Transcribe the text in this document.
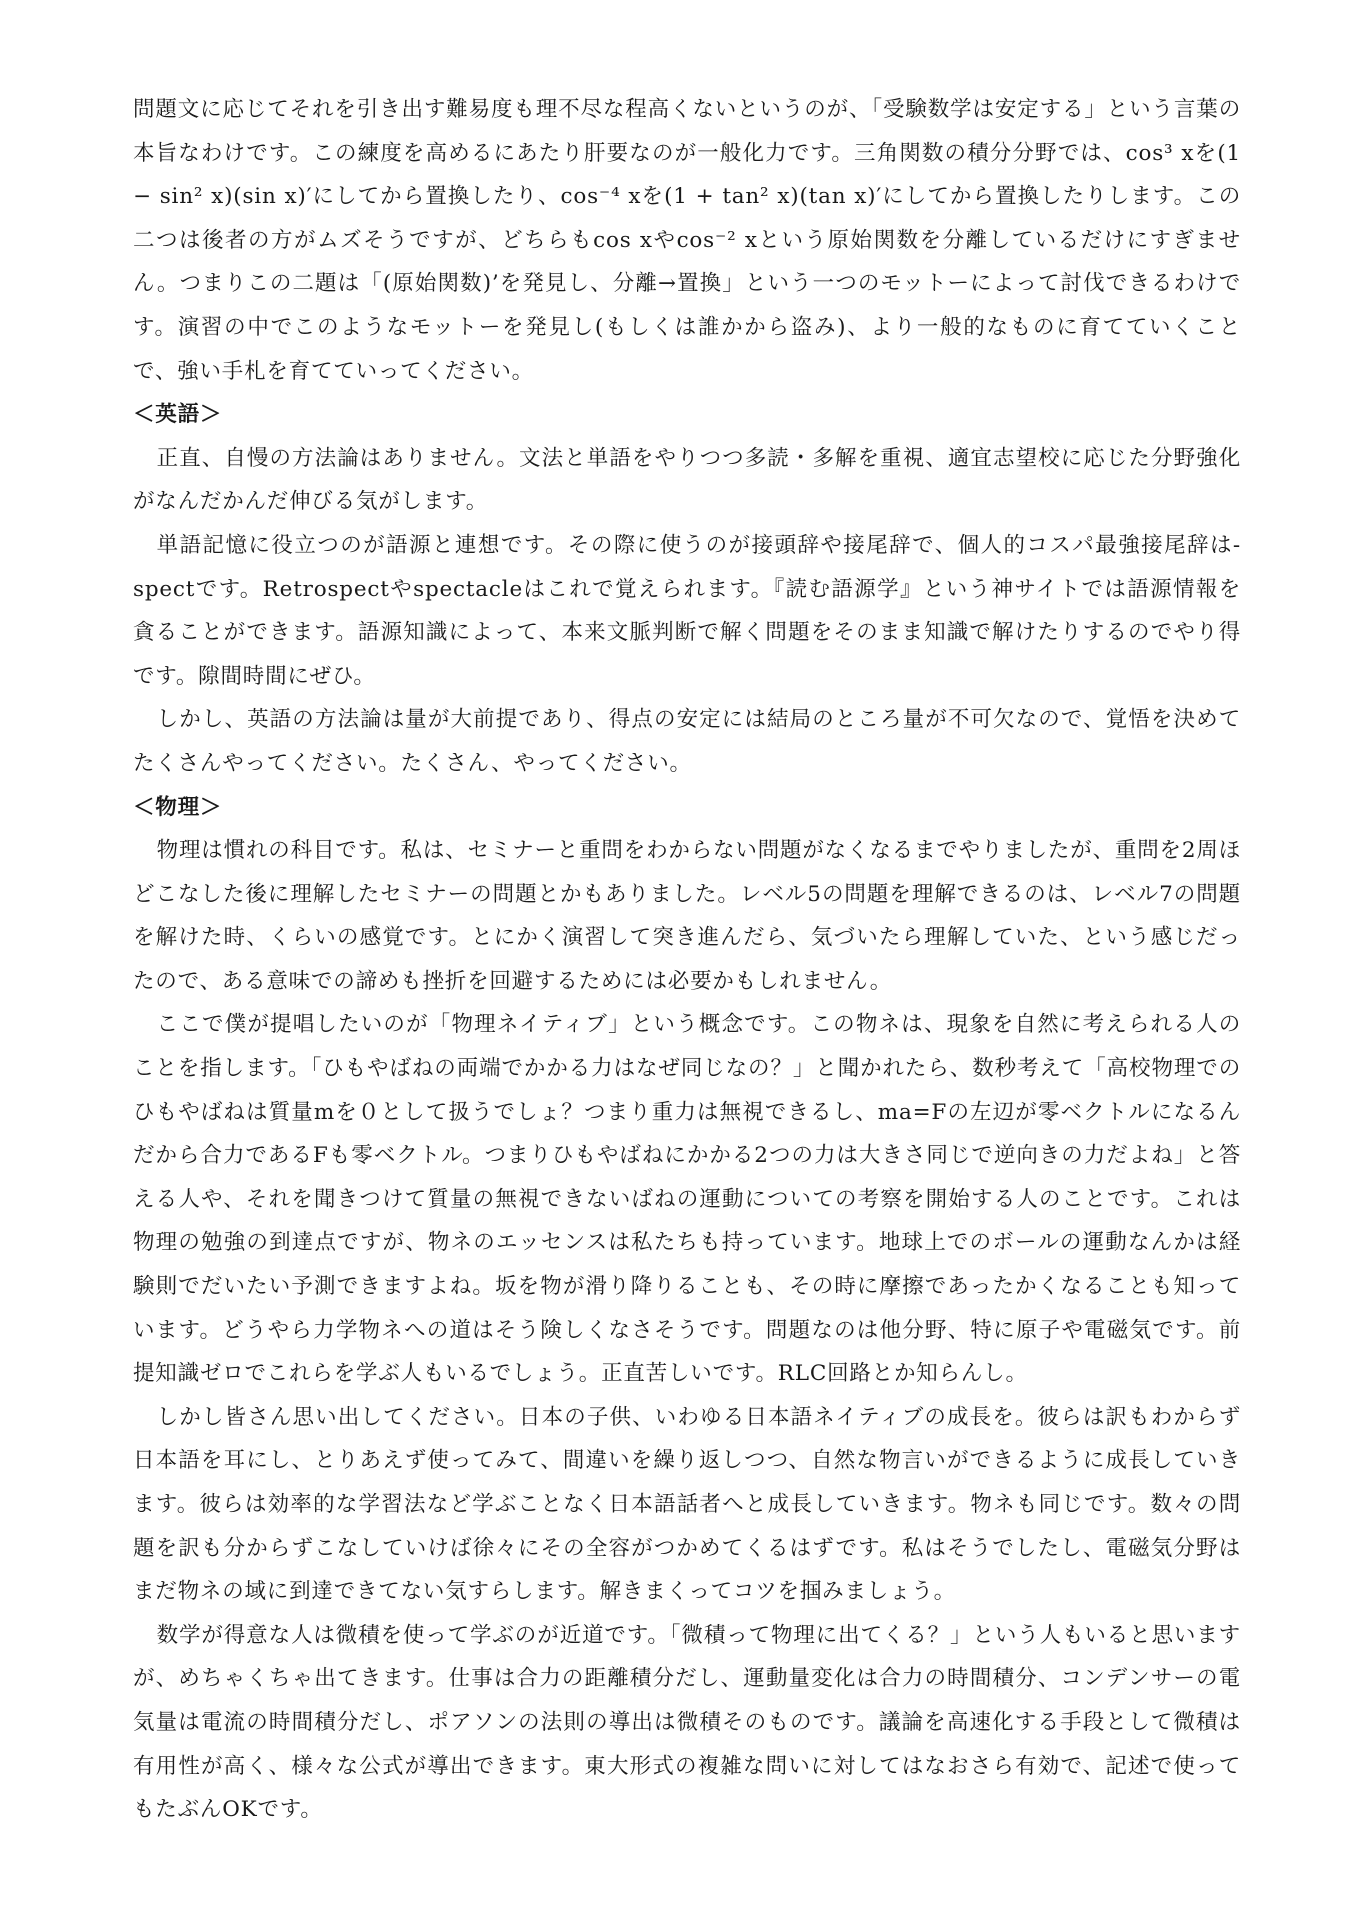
問題文に応じてそれを引き出す難易度も理不尽な程高くないというのが、「受験数学は安定する」という言葉の本旨なわけです。この練度を高めるにあたり肝要なのが一般化力です。三角関数の積分分野では、cos³ xを(1 − sin² x)(sin x)′にしてから置換したり、cos⁻⁴ xを(1 + tan² x)(tan x)′にしてから置換したりします。この二つは後者の方がムズそうですが、どちらもcos xやcos⁻² xという原始関数を分離しているだけにすぎません。つまりこの二題は「(原始関数)’を発見し、分離→置換」という一つのモットーによって討伐できるわけです。演習の中でこのようなモットーを発見し(もしくは誰かから盗み)、より一般的なものに育てていくことで、強い手札を育てていってください。

＜英語＞

正直、自慢の方法論はありません。文法と単語をやりつつ多読・多解を重視、適宜志望校に応じた分野強化がなんだかんだ伸びる気がします。

単語記憶に役立つのが語源と連想です。その際に使うのが接頭辞や接尾辞で、個人的コスパ最強接尾辞は-spectです。Retrospectやspectacleはこれで覚えられます。『読む語源学』という神サイトでは語源情報を貪ることができます。語源知識によって、本来文脈判断で解く問題をそのまま知識で解けたりするのでやり得です。隙間時間にぜひ。

しかし、英語の方法論は量が大前提であり、得点の安定には結局のところ量が不可欠なので、覚悟を決めてたくさんやってください。たくさん、やってください。

＜物理＞

物理は慣れの科目です。私は、セミナーと重問をわからない問題がなくなるまでやりましたが、重問を2周ほどこなした後に理解したセミナーの問題とかもありました。レベル5の問題を理解できるのは、レベル7の問題を解けた時、くらいの感覚です。とにかく演習して突き進んだら、気づいたら理解していた、という感じだったので、ある意味での諦めも挫折を回避するためには必要かもしれません。

ここで僕が提唱したいのが「物理ネイティブ」という概念です。この物ネは、現象を自然に考えられる人のことを指します。「ひもやばねの両端でかかる力はなぜ同じなの？」と聞かれたら、数秒考えて「高校物理でのひもやばねは質量mを０として扱うでしょ？つまり重力は無視できるし、ma=Fの左辺が零ベクトルになるんだから合力であるFも零ベクトル。つまりひもやばねにかかる2つの力は大きさ同じで逆向きの力だよね」と答える人や、それを聞きつけて質量の無視できないばねの運動についての考察を開始する人のことです。これは物理の勉強の到達点ですが、物ネのエッセンスは私たちも持っています。地球上でのボールの運動なんかは経験則でだいたい予測できますよね。坂を物が滑り降りることも、その時に摩擦であったかくなることも知っています。どうやら力学物ネへの道はそう険しくなさそうです。問題なのは他分野、特に原子や電磁気です。前提知識ゼロでこれらを学ぶ人もいるでしょう。正直苦しいです。RLC回路とか知らんし。

しかし皆さん思い出してください。日本の子供、いわゆる日本語ネイティブの成長を。彼らは訳もわからず日本語を耳にし、とりあえず使ってみて、間違いを繰り返しつつ、自然な物言いができるように成長していきます。彼らは効率的な学習法など学ぶことなく日本語話者へと成長していきます。物ネも同じです。数々の問題を訳も分からずこなしていけば徐々にその全容がつかめてくるはずです。私はそうでしたし、電磁気分野はまだ物ネの域に到達できてない気すらします。解きまくってコツを掴みましょう。

数学が得意な人は微積を使って学ぶのが近道です。「微積って物理に出てくる？」という人もいると思いますが、めちゃくちゃ出てきます。仕事は合力の距離積分だし、運動量変化は合力の時間積分、コンデンサーの電気量は電流の時間積分だし、ポアソンの法則の導出は微積そのものです。議論を高速化する手段として微積は有用性が高く、様々な公式が導出できます。東大形式の複雑な問いに対してはなおさら有効で、記述で使ってもたぶんOKです。
